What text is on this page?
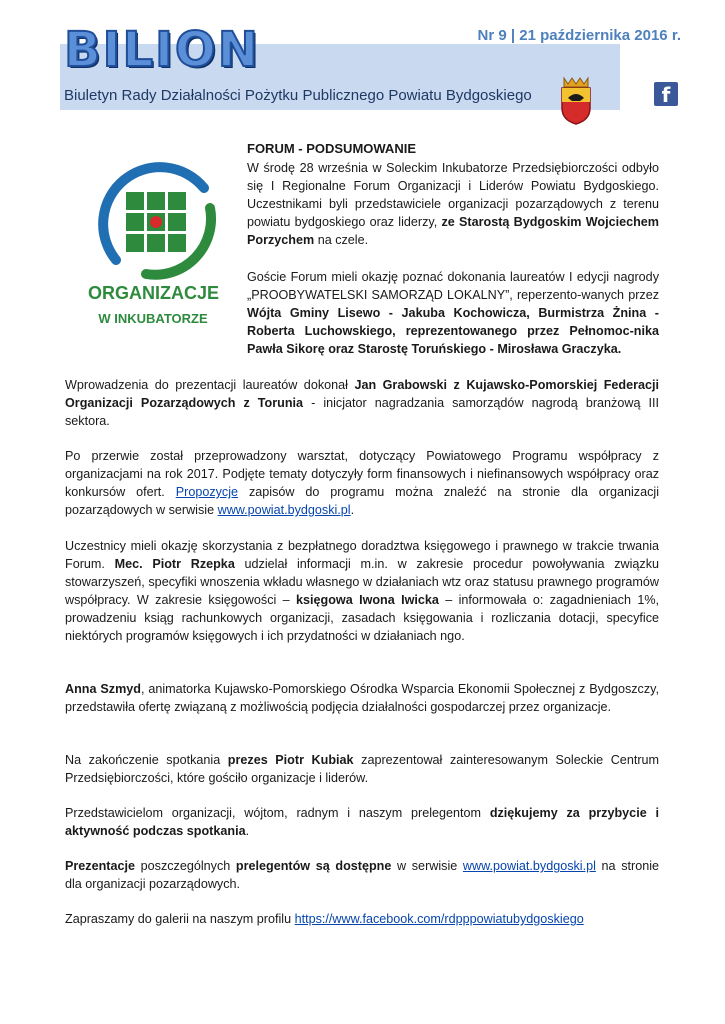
BILION	Nr 9 | 21 października 2016 r.
Biuletyn Rady Działalności Pożytku Publicznego Powiatu Bydgoskiego	f
ORGANIZACJE
W INKUBATORZE
FORUM - PODSUMOWANIE
W środę 28 września w Soleckim Inkubatorze Przedsiębiorczości odbyło się I Regionalne Forum Organizacji i Liderów Powiatu Bydgoskiego. Uczestnikami byli przedstawiciele organizacji pozarządowych z terenu powiatu bydgoskiego oraz liderzy, ze Starostą Bydgoskim Wojciechem Porzychem na czele.
Goście Forum mieli okazję poznać dokonania laureatów I edycji nagrody „PROOBYWATELSKI SAMORZĄD LOKALNY”, reperzento-wanych przez Wójta Gminy Lisewo - Jakuba Kochowicza, Burmistrza Żnina - Roberta Luchowskiego, reprezentowanego przez Pełnomoc-nika Pawła Sikorę oraz Starostę Toruńskiego - Mirosława Graczyka.
Wprowadzenia do prezentacji laureatów dokonał Jan Grabowski z Kujawsko-Pomorskiej Federacji Organizacji Pozarządowych z Torunia - inicjator nagradzania samorządów nagrodą branżową III sektora.
Po przerwie został przeprowadzony warsztat, dotyczący Powiatowego Programu współpracy z organizacjami na rok 2017. Podjęte tematy dotyczyły form finansowych i niefinansowych współpracy oraz konkursów ofert. Propozycje zapisów do programu można znaleźć na stronie dla organizacji pozarządowych w serwisie www.powiat.bydgoski.pl.
Uczestnicy mieli okazję skorzystania z bezpłatnego doradztwa księgowego i prawnego w trakcie trwania Forum. Mec. Piotr Rzepka udzielał informacji m.in. w zakresie procedur powoływania związku stowarzyszeń, specyfiki wnoszenia wkładu własnego w działaniach wtz oraz statusu prawnego programów współpracy. W zakresie księgowości – księgowa Iwona Iwicka – informowała o: zagadnieniach 1%, prowadzeniu ksiąg rachunkowych organizacji, zasadach księgowania i rozliczania dotacji, specyfice niektórych programów księgowych i ich przydatności w działaniach ngo.
Anna Szmyd, animatorka Kujawsko-Pomorskiego Ośrodka Wsparcia Ekonomii Społecznej z Bydgoszczy, przedstawiła ofertę związaną z możliwością podjęcia działalności gospodarczej przez organizacje.
Na zakończenie spotkania prezes Piotr Kubiak zaprezentował zainteresowanym Soleckie Centrum Przedsiębiorczości, które gościło organizacje i liderów.
Przedstawicielom organizacji, wójtom, radnym i naszym prelegentom dziękujemy za przybycie i aktywność podczas spotkania.
Prezentacje poszczególnych prelegentów są dostępne w serwisie www.powiat.bydgoski.pl na stronie dla organizacji pozarządowych.
Zapraszamy do galerii na naszym profilu https://www.facebook.com/rdpppowiatubydgoskiego
